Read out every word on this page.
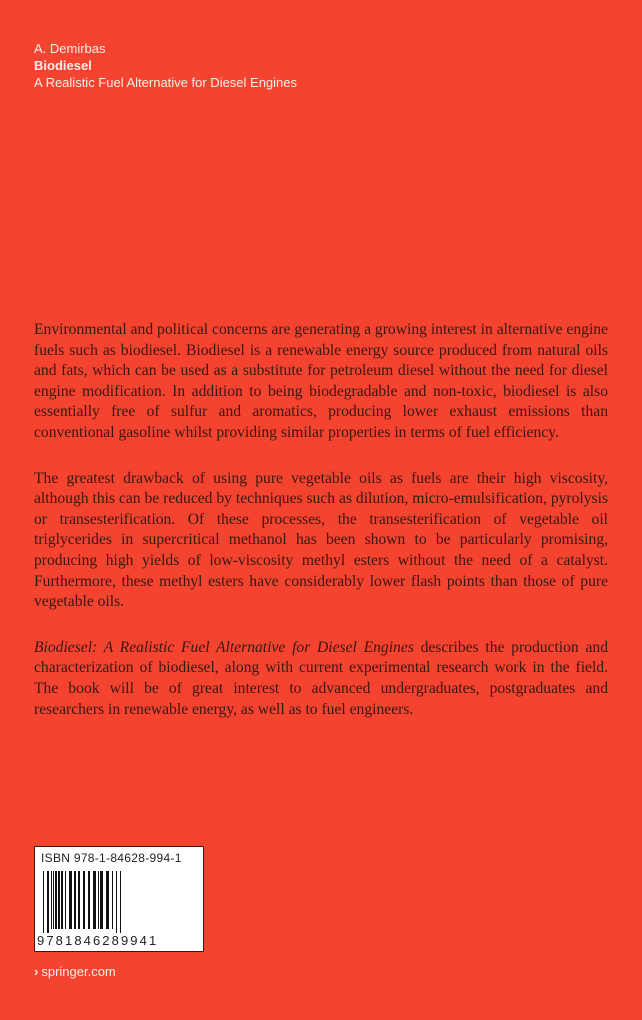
A. Demirbas
Biodiesel
A Realistic Fuel Alternative for Diesel Engines

Environmental and political concerns are generating a growing interest in alternative engine fuels such as biodiesel. Biodiesel is a renewable energy source produced from natural oils and fats, which can be used as a substitute for petroleum diesel without the need for diesel engine modification. In addition to being biodegradable and non-toxic, biodiesel is also essentially free of sulfur and aromatics, producing lower exhaust emissions than conventional gasoline whilst providing similar properties in terms of fuel efficiency.

The greatest drawback of using pure vegetable oils as fuels are their high viscosity, although this can be reduced by techniques such as dilution, micro-emulsification, pyrolysis or transesterification. Of these processes, the transesterification of vegetable oil triglycerides in supercritical methanol has been shown to be particularly promising, producing high yields of low-viscosity methyl esters without the need of a catalyst. Furthermore, these methyl esters have considerably lower flash points than those of pure vegetable oils.

Biodiesel: A Realistic Fuel Alternative for Diesel Engines describes the production and characterization of biodiesel, along with current experimental research work in the field. The book will be of great interest to advanced undergraduates, postgraduates and researchers in renewable energy, as well as to fuel engineers.

ISBN 978-1-84628-994-1
9781846289941
› springer.com
